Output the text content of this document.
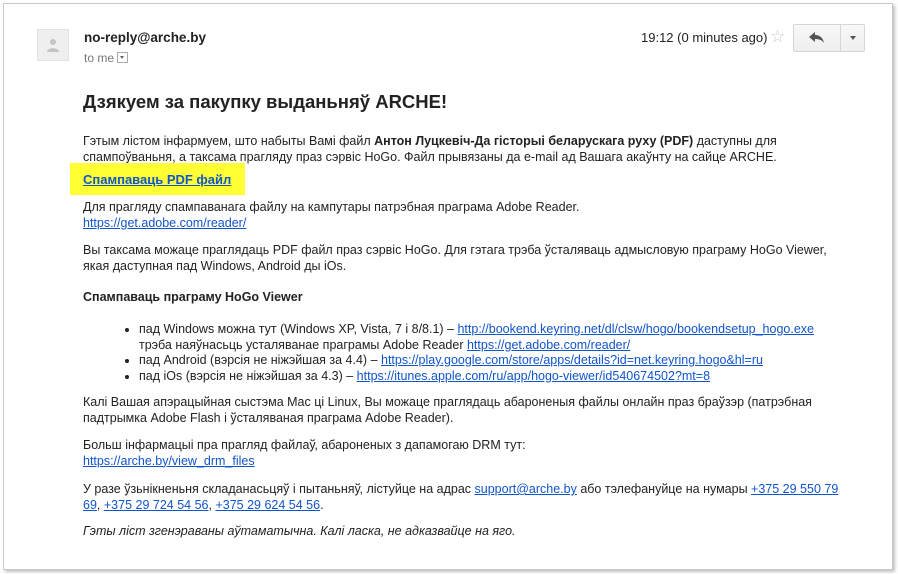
no-reply@arche.by
to me
19:12 (0 minutes ago) ☆
Дзякуем за пакупку выданьняў ARCHE!

Гэтым лістом інфармуем, што набыты Вамі файл Антон Луцкевіч-Да гісторыі беларускага руху (PDF) даступны для спампоўваньня, а таксама прагляду праз сэрвіс HoGo. Файл прывязаны да e-mail ад Вашага акаўнту на сайце ARCHE.

Спампаваць PDF файл

Для прагляду спампаванага файлу на кампутары патрэбная праграма Adobe Reader.

https://get.adobe.com/reader/

Вы таксама можаце праглядаць PDF файл праз сэрвіс HoGo. Для гэтага трэба ўсталяваць адмысловую праграму HoGo Viewer, якая даступная пад Windows, Android ды iOs.

Спампаваць праграму HoGo Viewer
• пад Windows можна тут (Windows XP, Vista, 7 і 8/8.1) – http://bookend.keyring.net/dl/clsw/hogo/bookendsetup_hogo.exe
трэба наяўнасьць усталяванае праграмы Adobe Reader https://get.adobe.com/reader/
• пад Android (вэрсія не ніжэйшая за 4.4) – https://play.google.com/store/apps/details?id=net.keyring.hogo&hl=ru
• пад iOs (вэрсія не ніжэйшая за 4.3) – https://itunes.apple.com/ru/app/hogo-viewer/id540674502?mt=8

Калі Вашая апэрацыйная сыстэма Mac ці Linux, Вы можаце праглядаць абароненыя файлы онлайн праз браўзэр (патрэбная падтрымка Adobe Flash і ўсталяваная праграма Adobe Reader).

Больш інфармацыі пра прагляд файлаў, абароненых з дапамогаю DRM тут:

https://arche.by/view_drm_files

У разе ўзьнікненьня складанасьцяў і пытаньняў, лістуйце на адрас support@arche.by або тэлефануйце на нумары +375 29 550 79 69, +375 29 724 54 56, +375 29 624 54 56.

Гэты ліст згенэраваны аўтаматычна. Калі ласка, не адказвайце на яго.
